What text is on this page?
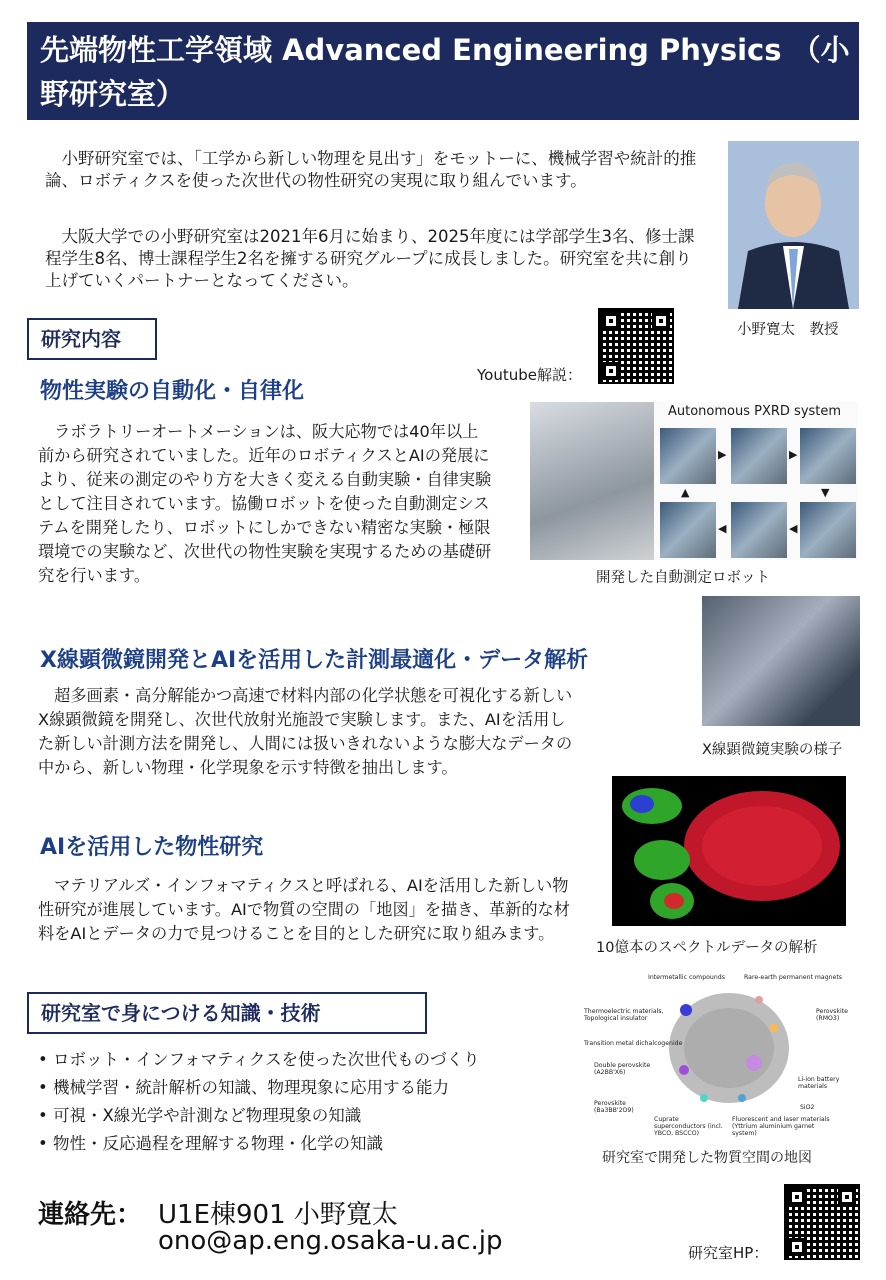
先端物性工学領域 Advanced Engineering Physics （小野研究室）
　小野研究室では、「工学から新しい物理を見出す」をモットーに、機械学習や統計的推論、ロボティクスを使った次世代の物性研究の実現に取り組んでいます。
　大阪大学での小野研究室は2021年6月に始まり、2025年度には学部学生3名、修士課程学生8名、博士課程学生2名を擁する研究グループに成長しました。研究室を共に創り上げていくパートナーとなってください。
小野寛太　教授
研究内容
Youtube解説：
物性実験の自動化・自律化
　ラボラトリーオートメーションは、阪大応物では40年以上前から研究されていました。近年のロボティクスとAIの発展により、従来の測定のやり方を大きく変える自動実験・自律実験として注目されています。協働ロボットを使った自動測定システムを開発したり、ロボットにしかできない精密な実験・極限環境での実験など、次世代の物性実験を実現するための基礎研究を行います。
Autonomous PXRD system
▶	▶
▼
▲
◀	◀
開発した自動測定ロボット
X線顕微鏡開発とAIを活用した計測最適化・データ解析
　超多画素・高分解能かつ高速で材料内部の化学状態を可視化する新しいX線顕微鏡を開発し、次世代放射光施設で実験します。また、AIを活用した新しい計測方法を開発し、人間には扱いきれないような膨大なデータの中から、新しい物理・化学現象を示す特徴を抽出します。
X線顕微鏡実験の様子
AIを活用した物性研究
　マテリアルズ・インフォマティクスと呼ばれる、AIを活用した新しい物性研究が進展しています。AIで物質の空間の「地図」を描き、革新的な材料をAIとデータの力で見つけることを目的とした研究に取り組みます。
10億本のスペクトルデータの解析
研究室で身につける知識・技術
• ロボット・インフォマティクスを使った次世代ものづくり
• 機械学習・統計解析の知識、物理現象に応用する能力
• 可視・X線光学や計測など物理現象の知識
• 物性・反応過程を理解する物理・化学の知識
Intermetallic compounds	Rare-earth permanent magnets
Thermoelectric materials, Topological insulator
Perovskite (RMO3)
Transition metal dichalcogenide
Double perovskite (A2BB'X6)
Li-ion battery materials
Perovskite (Ba3BB'2O9)	SiO2
Cuprate superconductors (incl. YBCO, BSCCO)
Fluorescent and laser materials (Yttrium aluminium garnet system)
研究室で開発した物質空間の地図
連絡先： U1E棟901 小野寛太
ono@ap.eng.osaka-u.ac.jp	研究室HP：
